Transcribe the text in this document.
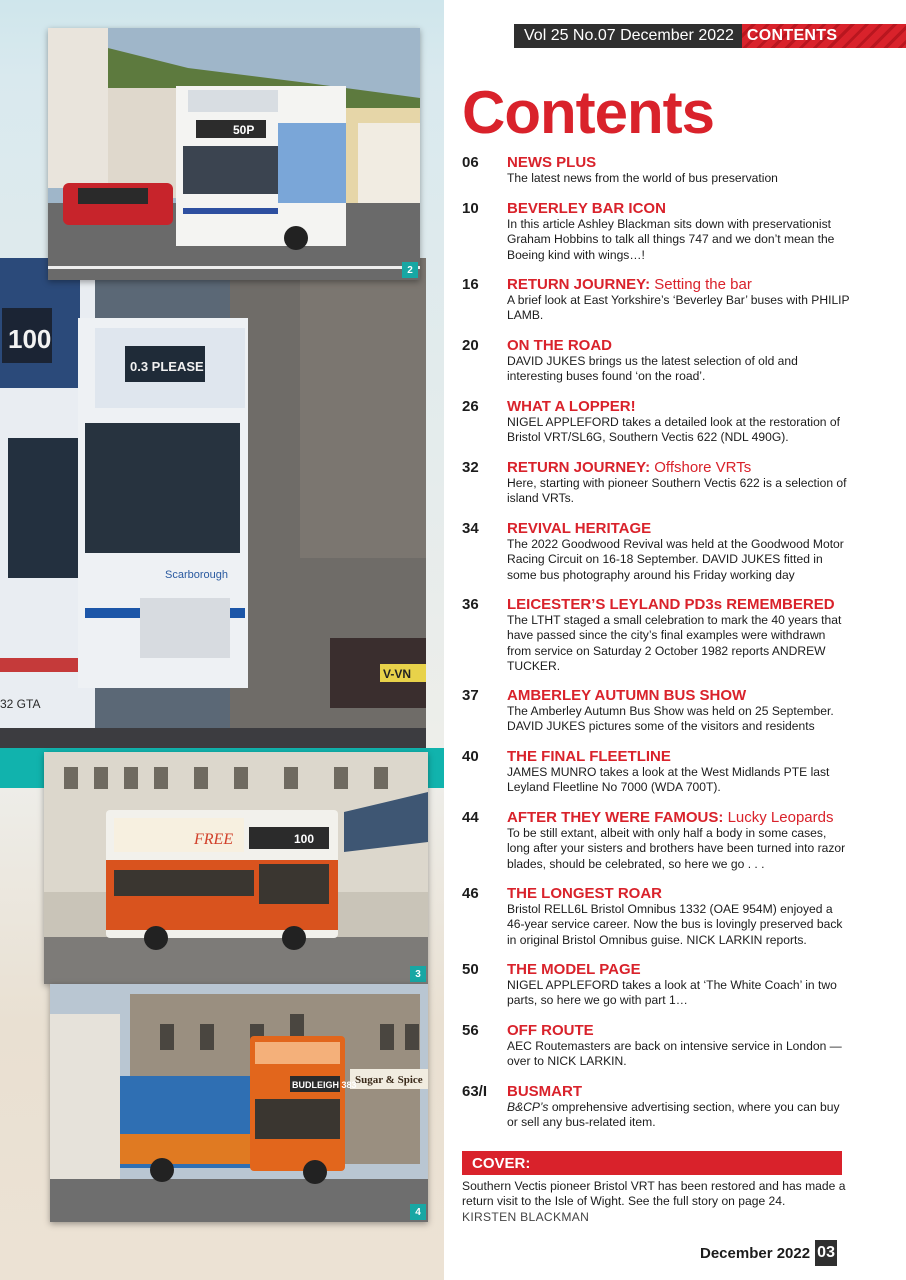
100
32 GTA
0.3 PLEASE
Scarborough
V-VN
50P
2
FREE	100
3
Sugar & Spice
BUDLEIGH 383
4
Vol 25 No.07 December 2022 CONTENTS
Contents
06 NEWS PLUS
The latest news from the world of bus preservation
10 BEVERLEY BAR ICON
In this article Ashley Blackman sits down with preservationist Graham Hobbins to talk all things 747 and we don’t mean the Boeing kind with wings…!
16 RETURN JOURNEY: Setting the bar
A brief look at East Yorkshire’s ‘Beverley Bar’ buses with PHILIP LAMB.
20 ON THE ROAD
DAVID JUKES brings us the latest selection of old and interesting buses found ‘on the road’.
26 WHAT A LOPPER!
NIGEL APPLEFORD takes a detailed look at the restoration of Bristol VRT/SL6G, Southern Vectis 622 (NDL 490G).
32 RETURN JOURNEY: Offshore VRTs
Here, starting with pioneer Southern Vectis 622 is a selection of island VRTs.
34 REVIVAL HERITAGE
The 2022 Goodwood Revival was held at the Goodwood Motor Racing Circuit on 16-18 September. DAVID JUKES fitted in some bus photography around his Friday working day
36 LEICESTER’S LEYLAND PD3s REMEMBERED
The LTHT staged a small celebration to mark the 40 years that have passed since the city’s final examples were withdrawn from service on Saturday 2 October 1982 reports ANDREW TUCKER.
37 AMBERLEY AUTUMN BUS SHOW
The Amberley Autumn Bus Show was held on 25 September. DAVID JUKES pictures some of the visitors and residents
40 THE FINAL FLEETLINE
JAMES MUNRO takes a look at the West Midlands PTE last Leyland Fleetline No 7000 (WDA 700T).
44 AFTER THEY WERE FAMOUS: Lucky Leopards
To be still extant, albeit with only half a body in some cases, long after your sisters and brothers have been turned into razor blades, should be celebrated, so here we go . . .
46 THE LONGEST ROAR
Bristol RELL6L Bristol Omnibus 1332 (OAE 954M) enjoyed a 46-year service career. Now the bus is lovingly preserved back in original Bristol Omnibus guise. NICK LARKIN reports.
50 THE MODEL PAGE
NIGEL APPLEFORD takes a look at ‘The White Coach’ in two parts, so here we go with part 1…
56 OFF ROUTE
AEC Routemasters are back on intensive service in London — over to NICK LARKIN.
63/I BUSMART
B&CP’s omprehensive advertising section, where you can buy or sell any bus-related item.
COVER:
Southern Vectis pioneer Bristol VRT has been restored and has made a return visit to the Isle of Wight. See the full story on page 24.
KIRSTEN BLACKMAN
December 2022 03
